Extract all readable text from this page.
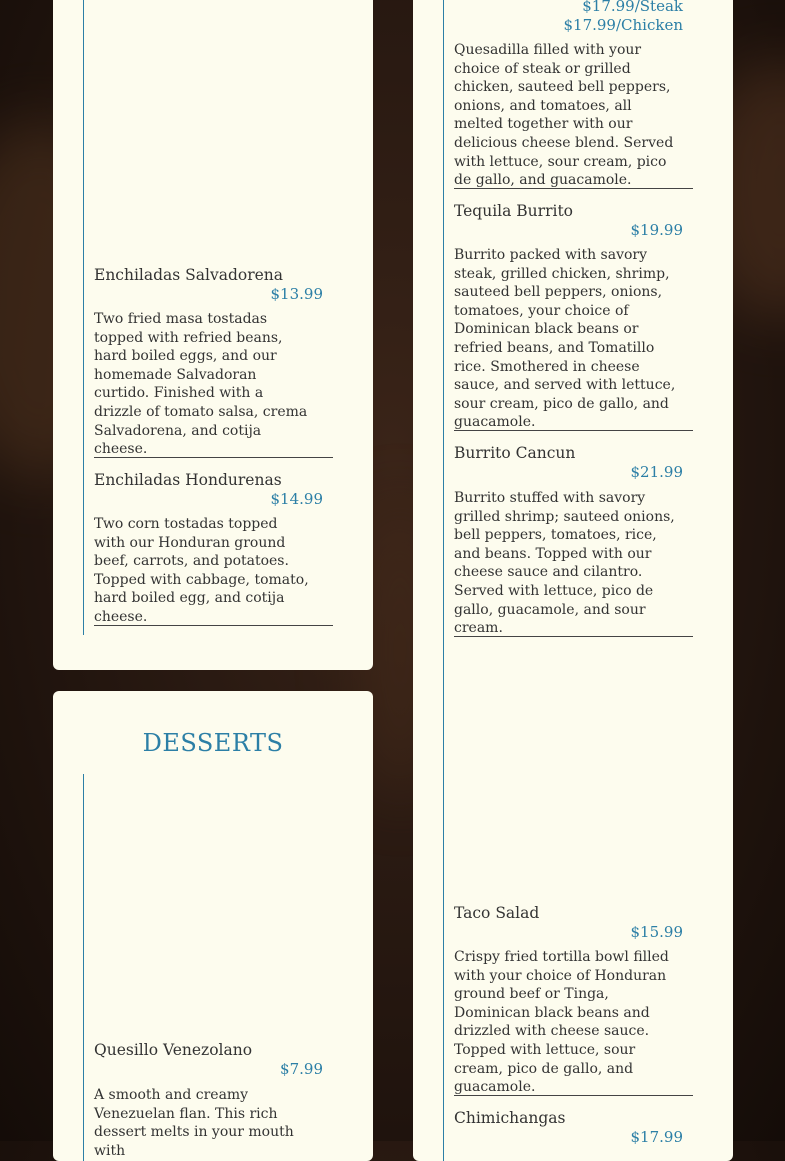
Enchiladas Salvadorena
$13.99
Two fried masa tostadas topped with refried beans, hard boiled eggs, and our homemade Salvadoran curtido. Finished with a drizzle of tomato salsa, crema Salvadorena, and cotija cheese.
Enchiladas Hondurenas
$14.99
Two corn tostadas topped with our Honduran ground beef, carrots, and potatoes. Topped with cabbage, tomato, hard boiled egg, and cotija cheese.
DESSERTS
Quesillo Venezolano
$7.99
A smooth and creamy Venezuelan flan. This rich dessert melts in your mouth with
$17.99/Steak
$17.99/Chicken
Quesadilla filled with your choice of steak or grilled chicken, sauteed bell peppers, onions, and tomatoes, all melted together with our delicious cheese blend. Served with lettuce, sour cream, pico de gallo, and guacamole.
Tequila Burrito
$19.99
Burrito packed with savory steak, grilled chicken, shrimp, sauteed bell peppers, onions, tomatoes, your choice of Dominican black beans or refried beans, and Tomatillo rice. Smothered in cheese sauce, and served with lettuce, sour cream, pico de gallo, and guacamole.
Burrito Cancun
$21.99
Burrito stuffed with savory grilled shrimp; sauteed onions, bell peppers, tomatoes, rice, and beans. Topped with our cheese sauce and cilantro. Served with lettuce, pico de gallo, guacamole, and sour cream.
Taco Salad
$15.99
Crispy fried tortilla bowl filled with your choice of Honduran ground beef or Tinga, Dominican black beans and drizzled with cheese sauce. Topped with lettuce, sour cream, pico de gallo, and guacamole.
Chimichangas
$17.99
